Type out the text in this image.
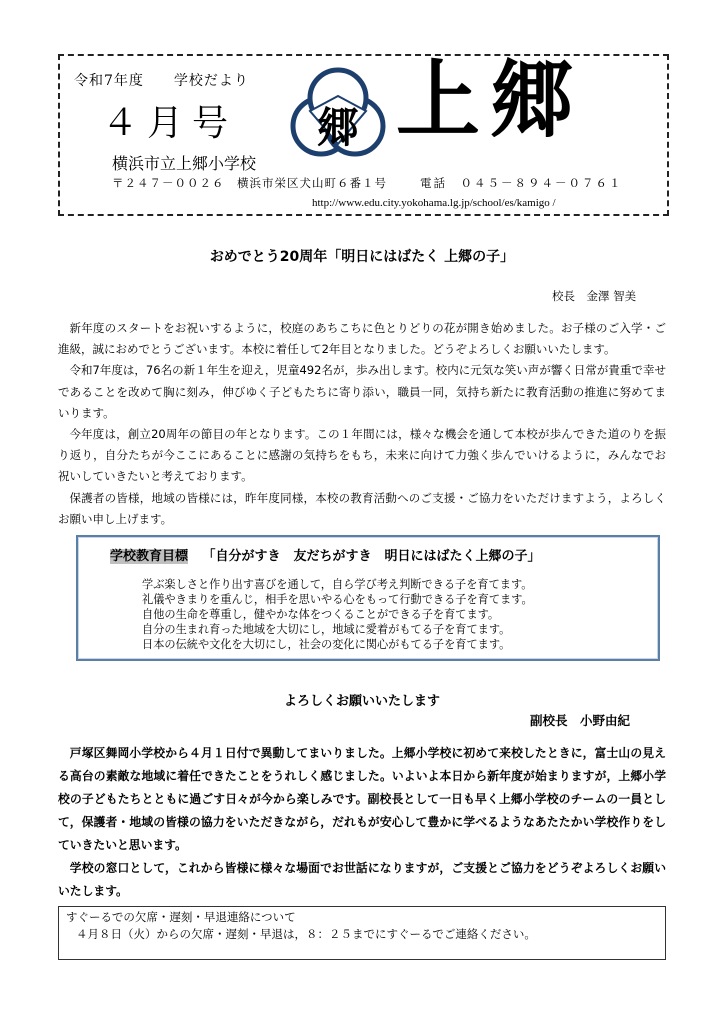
令和7年度　　学校だより
４月号 郷 上郷
横浜市立上郷小学校
〒２４７－００２６　横浜市栄区犬山町６番１号	電話　０４５－８９４－０７６１
http://www.edu.city.yokohama.lg.jp/school/es/kamigo /
おめでとう20周年「明日にはばたく 上郷の子」
校長　金澤 智美
新年度のスタートをお祝いするように，校庭のあちこちに色とりどりの花が開き始めました。お子様のご入学・ご進級，誠におめでとうございます。本校に着任して2年目となりました。どうぞよろしくお願いいたします。
令和7年度は，76名の新１年生を迎え，児童492名が，歩み出します。校内に元気な笑い声が響く日常が貴重で幸せであることを改めて胸に刻み，伸びゆく子どもたちに寄り添い，職員一同，気持ち新たに教育活動の推進に努めてまいります。
今年度は，創立20周年の節目の年となります。この１年間には，様々な機会を通して本校が歩んできた道のりを振り返り，自分たちが今ここにあることに感謝の気持ちをもち，未来に向けて力強く歩んでいけるように，みんなでお祝いしていきたいと考えております。
保護者の皆様，地域の皆様には，昨年度同様，本校の教育活動へのご支援・ご協力をいただけますよう，よろしくお願い申し上げます。
学校教育目標 「自分がすき　友だちがすき　明日にはばたく上郷の子」
学ぶ楽しさと作り出す喜びを通して，自ら学び考え判断できる子を育てます。
礼儀やきまりを重んじ，相手を思いやる心をもって行動できる子を育てます。
自他の生命を尊重し，健やかな体をつくることができる子を育てます。
自分の生まれ育った地域を大切にし，地域に愛着がもてる子を育てます。
日本の伝統や文化を大切にし，社会の変化に関心がもてる子を育てます。
よろしくお願いいたします
副校長　小野由紀
戸塚区舞岡小学校から４月１日付で異動してまいりました。上郷小学校に初めて来校したときに，富士山の見える高台の素敵な地域に着任できたことをうれしく感じました。いよいよ本日から新年度が始まりますが，上郷小学校の子どもたちとともに過ごす日々が今から楽しみです。副校長として一日も早く上郷小学校のチームの一員として，保護者・地域の皆様の協力をいただきながら，だれもが安心して豊かに学べるようなあたたかい学校作りをしていきたいと思います。
学校の窓口として，これから皆様に様々な場面でお世話になりますが，ご支援とご協力をどうぞよろしくお願いいたします。
すぐーるでの欠席・遅刻・早退連絡について
４月８日（火）からの欠席・遅刻・早退は，８：２５までにすぐーるでご連絡ください。
